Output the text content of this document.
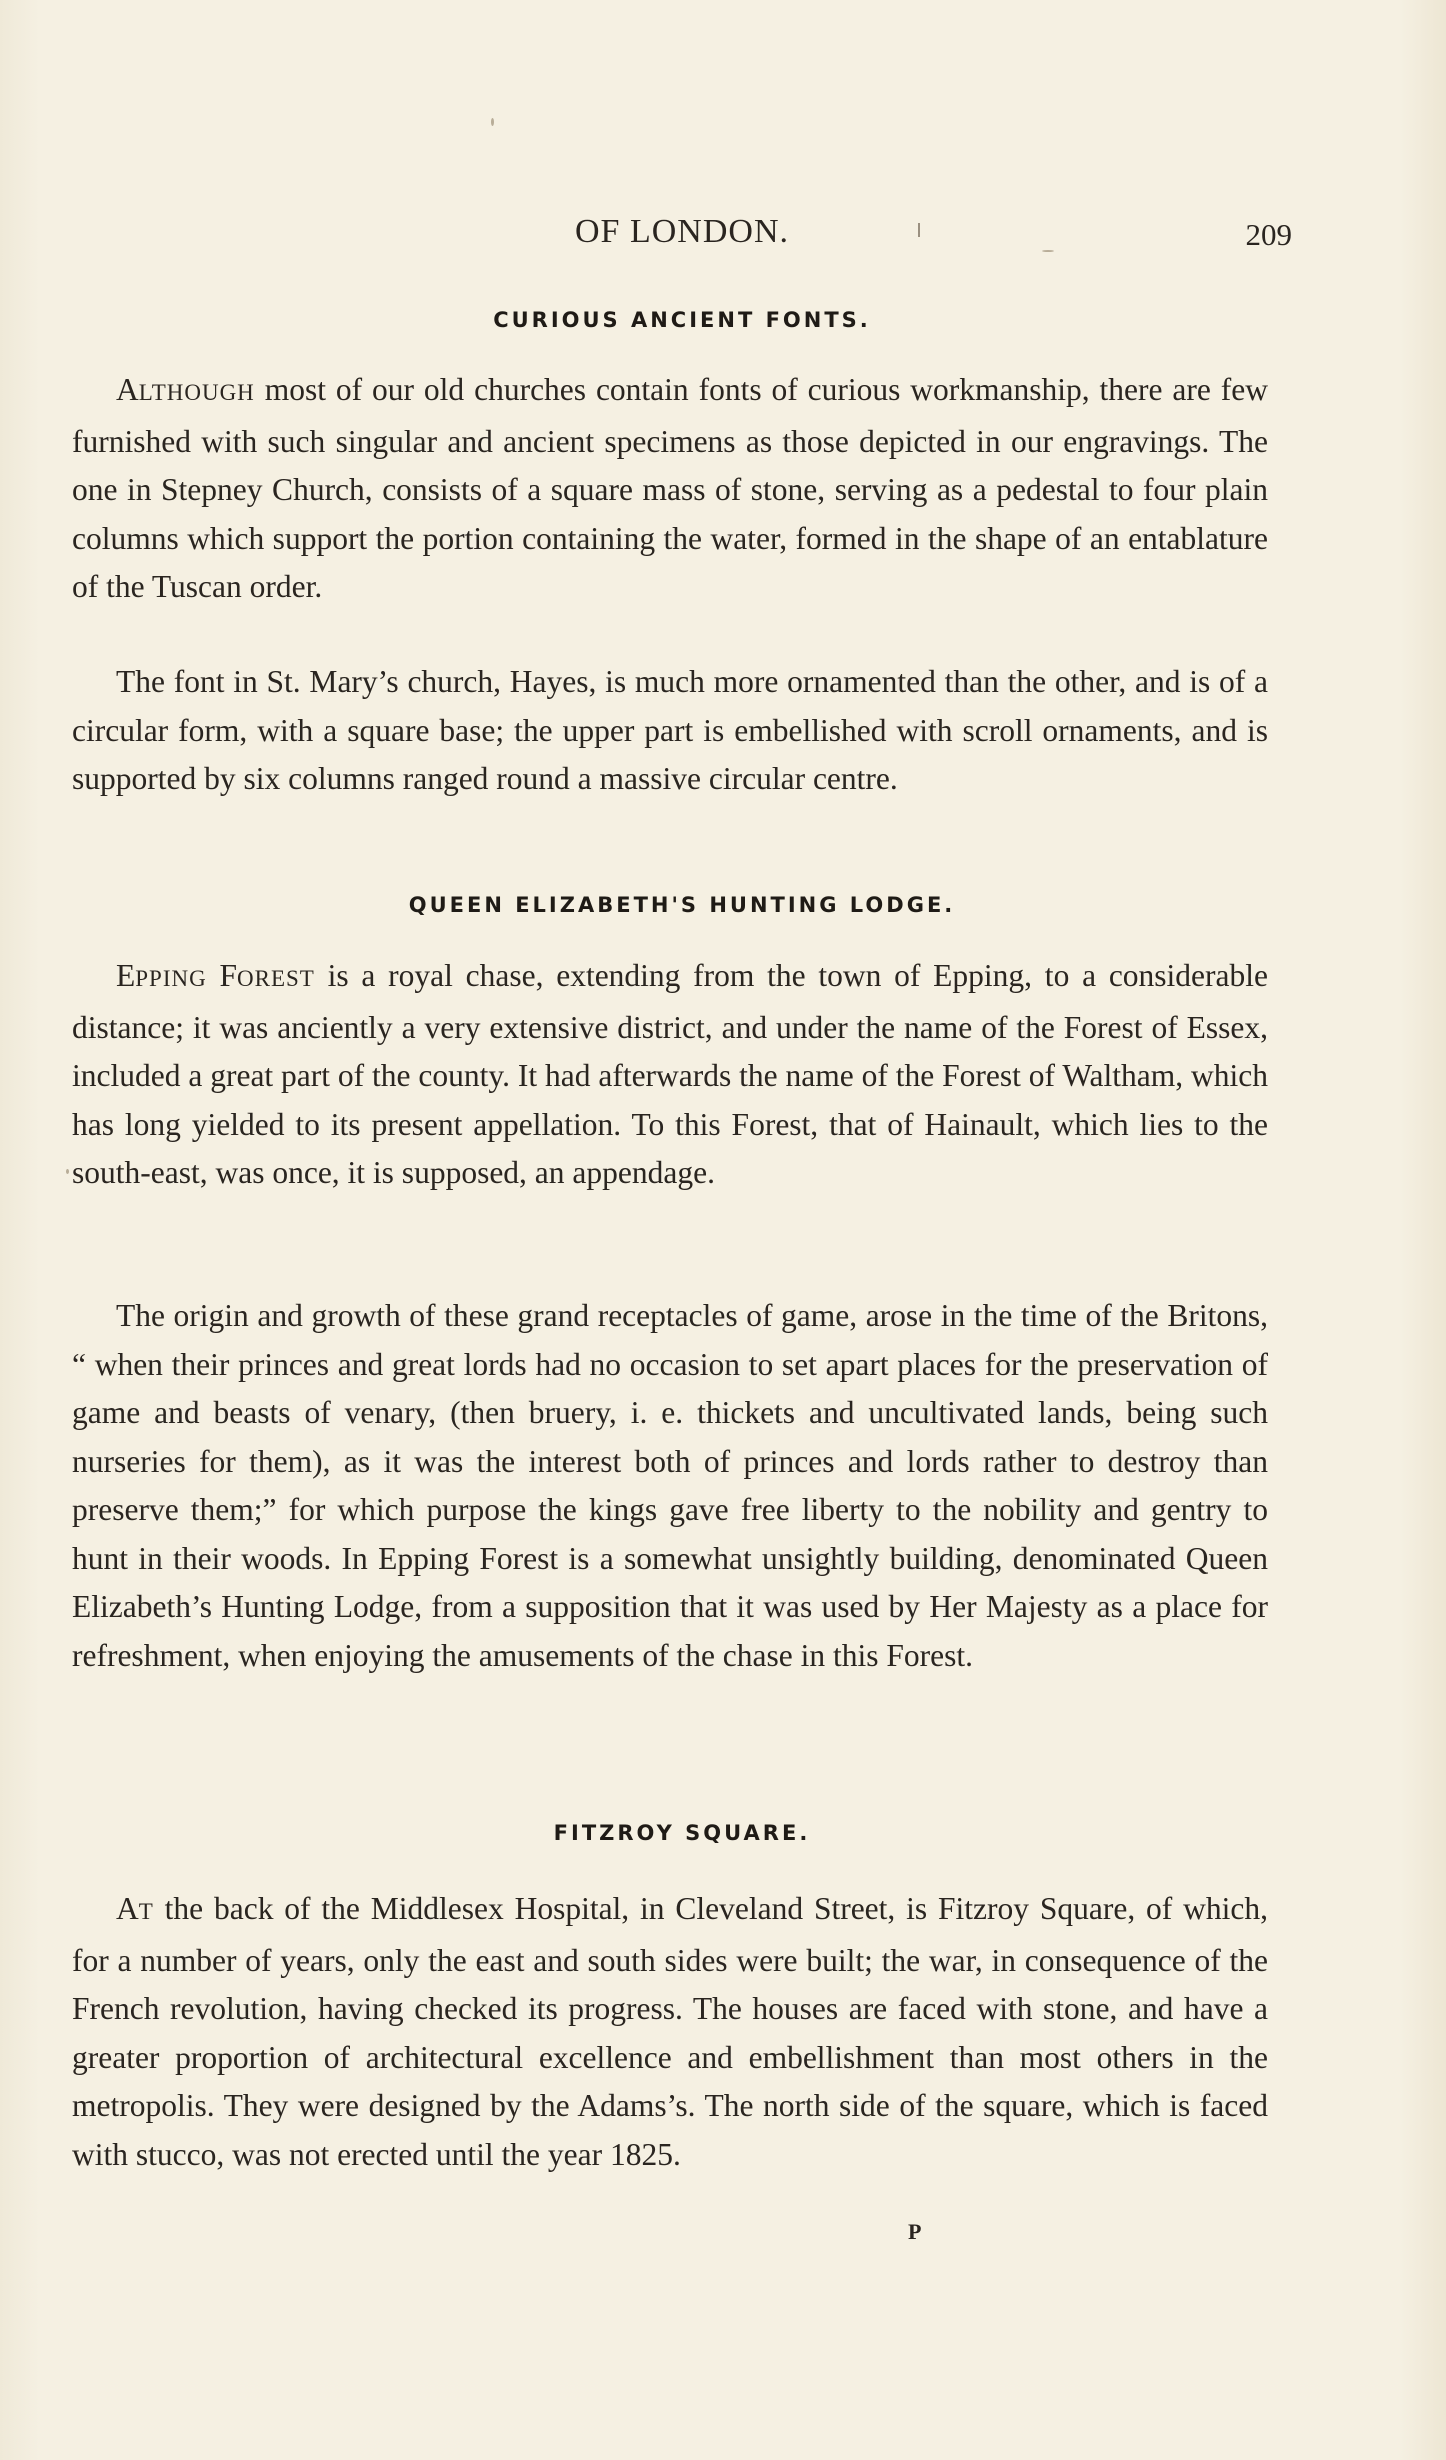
OF LONDON.	209
CURIOUS ANCIENT FONTS.

ALTHOUGH most of our old churches contain fonts of curious workmanship, there are few furnished with such singular and ancient specimens as those depicted in our engravings. The one in Stepney Church, consists of a square mass of stone, serving as a pedestal to four plain columns which support the portion containing the water, formed in the shape of an entablature of the Tuscan order.

The font in St. Mary’s church, Hayes, is much more ornamented than the other, and is of a circular form, with a square base; the upper part is embellished with scroll ornaments, and is supported by six columns ranged round a massive circular centre.

QUEEN ELIZABETH'S HUNTING LODGE.

EPPING FOREST is a royal chase, extending from the town of Epping, to a considerable distance; it was anciently a very extensive district, and under the name of the Forest of Essex, included a great part of the county. It had afterwards the name of the Forest of Waltham, which has long yielded to its present appellation. To this Forest, that of Hainault, which lies to the south-east, was once, it is supposed, an appendage.

The origin and growth of these grand receptacles of game, arose in the time of the Britons, “ when their princes and great lords had no occasion to set apart places for the preservation of game and beasts of venary, (then bruery, i. e. thickets and uncultivated lands, being such nurseries for them), as it was the interest both of princes and lords rather to destroy than preserve them;” for which purpose the kings gave free liberty to the nobility and gentry to hunt in their woods. In Epping Forest is a somewhat unsightly building, denominated Queen Elizabeth’s Hunting Lodge, from a supposition that it was used by Her Majesty as a place for refreshment, when enjoying the amusements of the chase in this Forest.

FITZROY SQUARE.

AT the back of the Middlesex Hospital, in Cleveland Street, is Fitzroy Square, of which, for a number of years, only the east and south sides were built; the war, in consequence of the French revolution, having checked its progress. The houses are faced with stone, and have a greater proportion of architectural excellence and embellishment than most others in the metropolis. They were designed by the Adams’s. The north side of the square, which is faced with stucco, was not erected until the year 1825.

P
